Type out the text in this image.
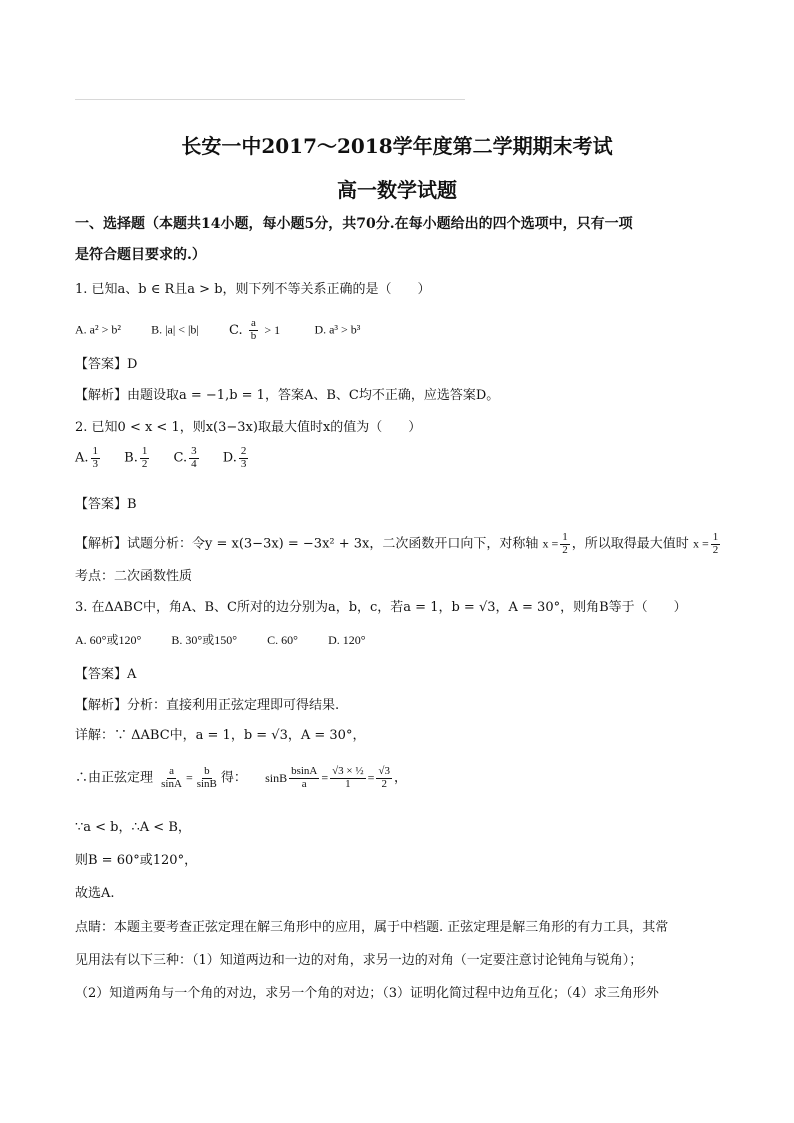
长安一中2017～2018学年度第二学期期末考试
高一数学试题
一、选择题（本题共14小题，每小题5分，共70分.在每小题给出的四个选项中，只有一项
是符合题目要求的.）
1. 已知a、b ∈ R且a > b，则下列不等关系正确的是（　　）
A. a² > b²	B. |a| < |b| C. $\frac{a}{b} > 1$	D. a³ > b³
【答案】D
【解析】由题设取a = −1,b = 1，答案A、B、C均不正确，应选答案D。
2. 已知0 < x < 1，则x(3−3x)取最大值时x的值为（　　）
A. $\frac{1}{3} B$. $\frac{1}{2} C$. $\frac{3}{4} D$. $\frac{2}{3}$
【答案】B
【解析】试题分析：令y = x(3−3x) = −3x² + 3x，二次函数开口向下，对称轴 $x = \frac{1}{2}$ ，所以取得最大值时 $x = \frac{1}{2}$
考点：二次函数性质
3. 在ΔABC中，角A、B、C所对的边分别为a，b，c，若a = 1，b = √3，A = 30°，则角B等于（　　）
A. 60°或120°	B. 30°或150°	C. 60°	D. 120°
【答案】A
【解析】分析：直接利用正弦定理即可得结果.
详解：∵ ΔABC中，a = 1，b = √3，A = 30°，
∴由正弦定理 $\frac{a}{\sin A} = \frac{b}{\sin B}$ 得： sinB $\frac{bsinA}{a} = \frac{\text{√3 × ½}}{1} = \frac{√3}{2}$ ，
∵a < b，∴A < B，
则B = 60°或120°，
故选A.
点睛：本题主要考查正弦定理在解三角形中的应用，属于中档题. 正弦定理是解三角形的有力工具，其常
见用法有以下三种：（1）知道两边和一边的对角，求另一边的对角（一定要注意讨论钝角与锐角）；
（2）知道两角与一个角的对边，求另一个角的对边；（3）证明化简过程中边角互化；（4）求三角形外
